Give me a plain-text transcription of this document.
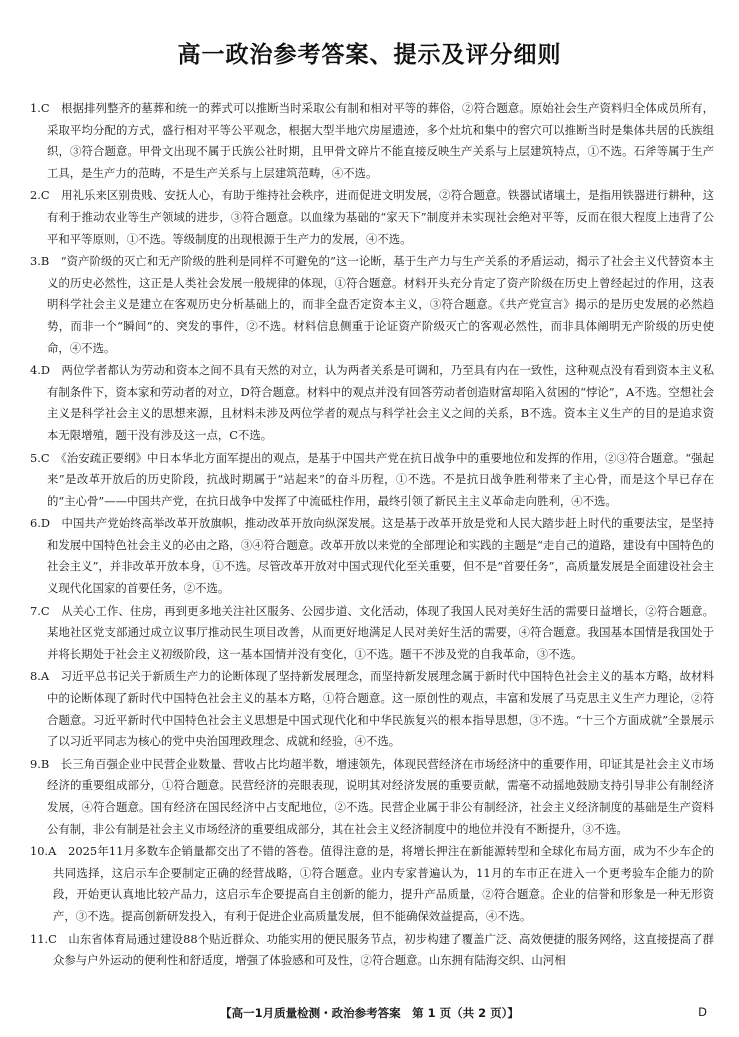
高一政治参考答案、提示及评分细则

1.C　 根据排列整齐的墓葬和统一的葬式可以推断当时采取公有制和相对平等的葬俗，②符合题意。原始社会生产资料归全体成员所有，采取平均分配的方式，盛行相对平等公平观念，根据大型半地穴房屋遗迹，多个灶坑和集中的窖穴可以推断当时是集体共居的氏族组织，③符合题意。甲骨文出现不属于氏族公社时期，且甲骨文碎片不能直接反映生产关系与上层建筑特点，①不选。石斧等属于生产工具，是生产力的范畴，不是生产关系与上层建筑范畴，④不选。

2.C　 用礼乐来区别贵贱、安抚人心，有助于维持社会秩序，进而促进文明发展，②符合题意。铁器试诸壤土，是指用铁器进行耕种，这有利于推动农业等生产领域的进步，③符合题意。以血缘为基础的“家天下”制度并未实现社会绝对平等，反而在很大程度上违背了公平和平等原则，①不选。等级制度的出现根源于生产力的发展，④不选。

3.B　 “资产阶级的灭亡和无产阶级的胜利是同样不可避免的”这一论断，基于生产力与生产关系的矛盾运动，揭示了社会主义代替资本主义的历史必然性，这正是人类社会发展一般规律的体现，①符合题意。材料开头充分肯定了资产阶级在历史上曾经起过的作用，这表明科学社会主义是建立在客观历史分析基础上的，而非全盘否定资本主义，③符合题意。《共产党宣言》揭示的是历史发展的必然趋势，而非一个“瞬间”的、突发的事件，②不选。材料信息侧重于论证资产阶级灭亡的客观必然性，而非具体阐明无产阶级的历史使命，④不选。

4.D　 两位学者都认为劳动和资本之间不具有天然的对立，认为两者关系是可调和，乃至具有内在一致性，这种观点没有看到资本主义私有制条件下，资本家和劳动者的对立，D符合题意。材料中的观点并没有回答劳动者创造财富却陷入贫困的“悖论”，A不选。空想社会主义是科学社会主义的思想来源，且材料未涉及两位学者的观点与科学社会主义之间的关系，B不选。资本主义生产的目的是追求资本无限增殖，题干没有涉及这一点，C不选。

5.C　 《治安疏正要纲》中日本华北方面军提出的观点，是基于中国共产党在抗日战争中的重要地位和发挥的作用，②③符合题意。“强起来”是改革开放后的历史阶段，抗战时期属于“站起来”的奋斗历程，①不选。不是抗日战争胜利带来了主心骨，而是这个早已存在的“主心骨”——中国共产党，在抗日战争中发挥了中流砥柱作用，最终引领了新民主主义革命走向胜利，④不选。

6.D　 中国共产党始终高举改革开放旗帜，推动改革开放向纵深发展。这是基于改革开放是党和人民大踏步赶上时代的重要法宝，是坚持和发展中国特色社会主义的必由之路，③④符合题意。改革开放以来党的全部理论和实践的主题是“走自己的道路，建设有中国特色的社会主义”，并非改革开放本身，①不选。尽管改革开放对中国式现代化至关重要，但不是“首要任务”，高质量发展是全面建设社会主义现代化国家的首要任务，②不选。

7.C　 从关心工作、住房，再到更多地关注社区服务、公园步道、文化活动，体现了我国人民对美好生活的需要日益增长，②符合题意。某地社区党支部通过成立议事厅推动民生项目改善，从而更好地满足人民对美好生活的需要，④符合题意。我国基本国情是我国处于并将长期处于社会主义初级阶段，这一基本国情并没有变化，①不选。题干不涉及党的自我革命，③不选。

8.A　 习近平总书记关于新质生产力的论断体现了坚持新发展理念，而坚持新发展理念属于新时代中国特色社会主义的基本方略，故材料中的论断体现了新时代中国特色社会主义的基本方略，①符合题意。这一原创性的观点，丰富和发展了马克思主义生产力理论，②符合题意。习近平新时代中国特色社会主义思想是中国式现代化和中华民族复兴的根本指导思想，③不选。“十三个方面成就”全景展示了以习近平同志为核心的党中央治国理政理念、成就和经验，④不选。

9.B　 长三角百强企业中民营企业数量、营收占比均超半数，增速领先，体现民营经济在市场经济中的重要作用，印证其是社会主义市场经济的重要组成部分，①符合题意。民营经济的亮眼表现，说明其对经济发展的重要贡献，需毫不动摇地鼓励支持引导非公有制经济发展，④符合题意。国有经济在国民经济中占支配地位，②不选。民营企业属于非公有制经济，社会主义经济制度的基础是生产资料公有制，非公有制是社会主义市场经济的重要组成部分，其在社会主义经济制度中的地位并没有不断提升，③不选。

10.A　 2025年11月多数车企销量都交出了不错的答卷。值得注意的是，将增长押注在新能源转型和全球化布局方面，成为不少车企的共同选择，这启示车企要制定正确的经营战略，①符合题意。业内专家普遍认为，11月的车市正在进入一个更考验车企能力的阶段，开始更认真地比较产品力，这启示车企要提高自主创新的能力，提升产品质量，②符合题意。企业的信誉和形象是一种无形资产，③不选。提高创新研发投入，有利于促进企业高质量发展，但不能确保效益提高，④不选。

11.C　 山东省体育局通过建设88个贴近群众、功能实用的便民服务节点，初步构建了覆盖广泛、高效便捷的服务网络，这直接提高了群众参与户外运动的便利性和舒适度，增强了体验感和可及性，②符合题意。山东拥有陆海交织、山河相

【高一1月质量检测・政治参考答案　第 1 页（共 2 页）】	D
